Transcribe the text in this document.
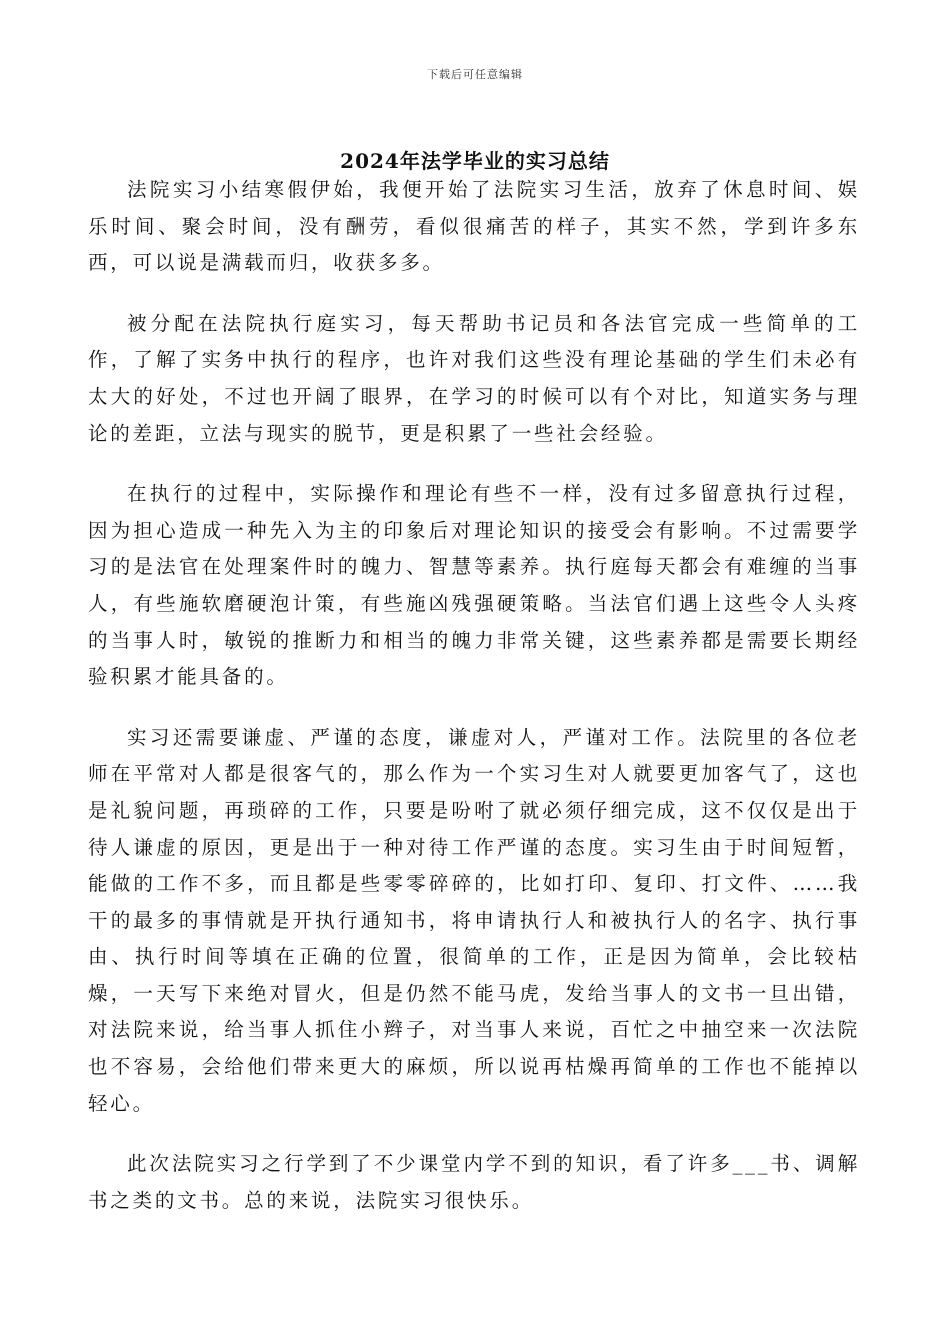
下载后可任意编辑
2024年法学毕业的实习总结

法院实习小结寒假伊始，我便开始了法院实习生活，放弃了休息时间、娱乐时间、聚会时间，没有酬劳，看似很痛苦的样子，其实不然，学到许多东西，可以说是满载而归，收获多多。

被分配在法院执行庭实习，每天帮助书记员和各法官完成一些简单的工作，了解了实务中执行的程序，也许对我们这些没有理论基础的学生们未必有太大的好处，不过也开阔了眼界，在学习的时候可以有个对比，知道实务与理论的差距，立法与现实的脱节，更是积累了一些社会经验。

在执行的过程中，实际操作和理论有些不一样，没有过多留意执行过程，因为担心造成一种先入为主的印象后对理论知识的接受会有影响。不过需要学习的是法官在处理案件时的魄力、智慧等素养。执行庭每天都会有难缠的当事人，有些施软磨硬泡计策，有些施凶残强硬策略。当法官们遇上这些令人头疼的当事人时，敏锐的推断力和相当的魄力非常关键，这些素养都是需要长期经验积累才能具备的。

实习还需要谦虚、严谨的态度，谦虚对人，严谨对工作。法院里的各位老师在平常对人都是很客气的，那么作为一个实习生对人就要更加客气了，这也是礼貌问题，再琐碎的工作，只要是吩咐了就必须仔细完成，这不仅仅是出于待人谦虚的原因，更是出于一种对待工作严谨的态度。实习生由于时间短暂，能做的工作不多，而且都是些零零碎碎的，比如打印、复印、打文件、……我干的最多的事情就是开执行通知书，将申请执行人和被执行人的名字、执行事由、执行时间等填在正确的位置，很简单的工作，正是因为简单，会比较枯燥，一天写下来绝对冒火，但是仍然不能马虎，发给当事人的文书一旦出错，对法院来说，给当事人抓住小辫子，对当事人来说，百忙之中抽空来一次法院也不容易，会给他们带来更大的麻烦，所以说再枯燥再简单的工作也不能掉以轻心。

此次法院实习之行学到了不少课堂内学不到的知识，看了许多___书、调解书之类的文书。总的来说，法院实习很快乐。
